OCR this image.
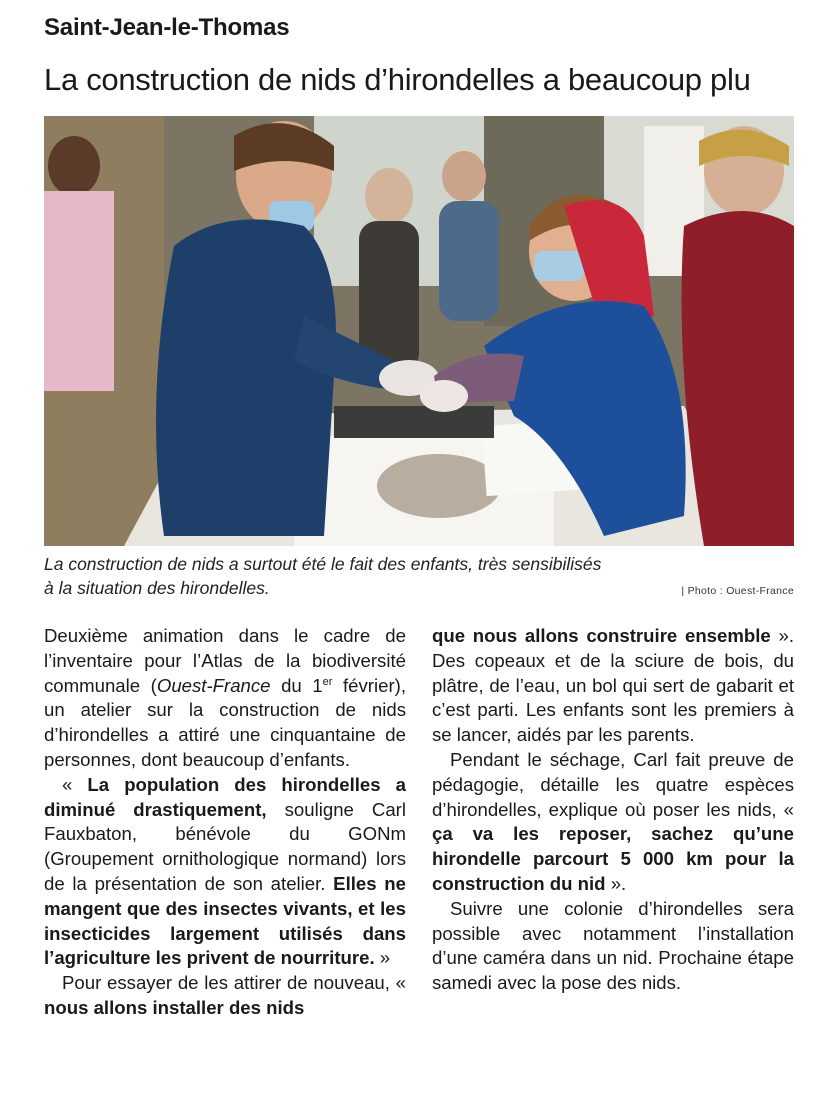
Saint-Jean-le-Thomas
La construction de nids d’hirondelles a beaucoup plu
La construction de nids a surtout été le fait des enfants, très sensibilisés
à la situation des hirondelles.	| Photo : Ouest-France

Deuxième animation dans le cadre de l’inventaire pour l’Atlas de la biodiversité communale (Ouest-France du 1er février), un atelier sur la construction de nids d’hirondelles a attiré une cinquantaine de personnes, dont beaucoup d’enfants.

« La population des hirondelles a diminué drastiquement, souligne Carl Fauxbaton, bénévole du GONm (Groupement ornithologique normand) lors de la présentation de son atelier. Elles ne mangent que des insectes vivants, et les insecticides largement utilisés dans l’agriculture les privent de nourriture. »

Pour essayer de les attirer de nouveau, « nous allons installer des nids

que nous allons construire ensemble ». Des copeaux et de la sciure de bois, du plâtre, de l’eau, un bol qui sert de gabarit et c’est parti. Les enfants sont les premiers à se lancer, aidés par les parents.

Pendant le séchage, Carl fait preuve de pédagogie, détaille les quatre espèces d’hirondelles, explique où poser les nids, « ça va les reposer, sachez qu’une hirondelle parcourt 5 000 km pour la construction du nid ».

Suivre une colonie d’hirondelles sera possible avec notamment l’installation d’une caméra dans un nid. Prochaine étape samedi avec la pose des nids.
